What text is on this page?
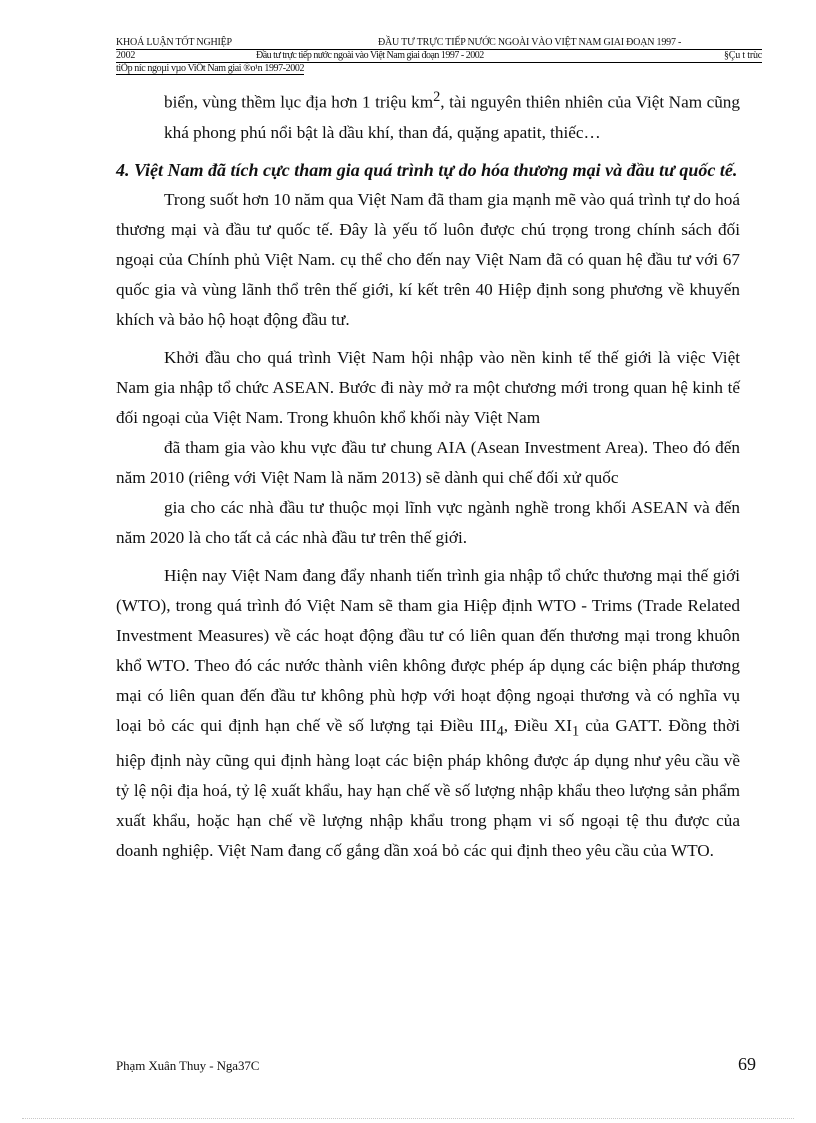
KHOÁ LUẬN TỐT NGHIỆP	ĐẦU TƯ TRỰC TIẾP NƯỚC NGOÀI VÀO VIỆT NAM GIAI ĐOẠN 1997 -
2002	Đầu tư trực tiếp nước ngoài vào Việt Nam giai đoạn 1997 - 2002	§Çu t trùc
tiÕp níc ngoµi vµo ViÖt Nam giai ®o¹n 1997-2002

biển, vùng thềm lục địa hơn 1 triệu $km^2$, tài nguyên thiên nhiên của Việt Nam cũng khá phong phú nổi bật là dầu khí, than đá, quặng apatit, thiếc…

4. Việt Nam đã tích cực tham gia quá trình tự do hóa thương mại và đầu tư quốc tế.

Trong suốt hơn 10 năm qua Việt Nam đã tham gia mạnh mẽ vào quá trình tự do hoá thương mại và đầu tư quốc tế. Đây là yếu tố luôn được chú trọng trong chính sách đối ngoại của Chính phủ Việt Nam. cụ thể cho đến nay Việt Nam đã có quan hệ đầu tư với 67 quốc gia và vùng lãnh thổ trên thế giới, kí kết trên 40 Hiệp định song phương về khuyến khích và bảo hộ hoạt động đầu tư.

Khởi đầu cho quá trình Việt Nam hội nhập vào nền kinh tế thế giới là việc Việt Nam gia nhập tổ chức ASEAN. Bước đi này mở ra một chương mới trong quan hệ kinh tế đối ngoại của Việt Nam. Trong khuôn khổ khối này Việt Nam

đã tham gia vào khu vực đầu tư chung AIA (Asean Investment Area). Theo đó đến năm 2010 (riêng với Việt Nam là năm 2013) sẽ dành qui chế đối xử quốc

gia cho các nhà đầu tư thuộc mọi lĩnh vực ngành nghề trong khối ASEAN và đến năm 2020 là cho tất cả các nhà đầu tư trên thế giới.

Hiện nay Việt Nam đang đẩy nhanh tiến trình gia nhập tổ chức thương mại thế giới (WTO), trong quá trình đó Việt Nam sẽ tham gia Hiệp định WTO - Trims (Trade Related Investment Measures) về các hoạt động đầu tư có liên quan đến thương mại trong khuôn khổ WTO. Theo đó các nước thành viên không được phép áp dụng các biện pháp thương mại có liên quan đến đầu tư không phù hợp với hoạt động ngoại thương và có nghĩa vụ loại bỏ các qui định hạn chế về số lượng tại Điều $III_4$, Điều $XI_1$ của GATT. Đồng thời hiệp định này cũng qui định hàng loạt các biện pháp không được áp dụng như yêu cầu về tỷ lệ nội địa hoá, tỷ lệ xuất khẩu, hay hạn chế về số lượng nhập khẩu theo lượng sản phẩm xuất khẩu, hoặc hạn chế về lượng nhập khẩu trong phạm vi số ngoại tệ thu được của doanh nghiệp. Việt Nam đang cố gắng dần xoá bỏ các qui định theo yêu cầu của WTO.

Phạm Xuân Thuy - Nga37C	69
